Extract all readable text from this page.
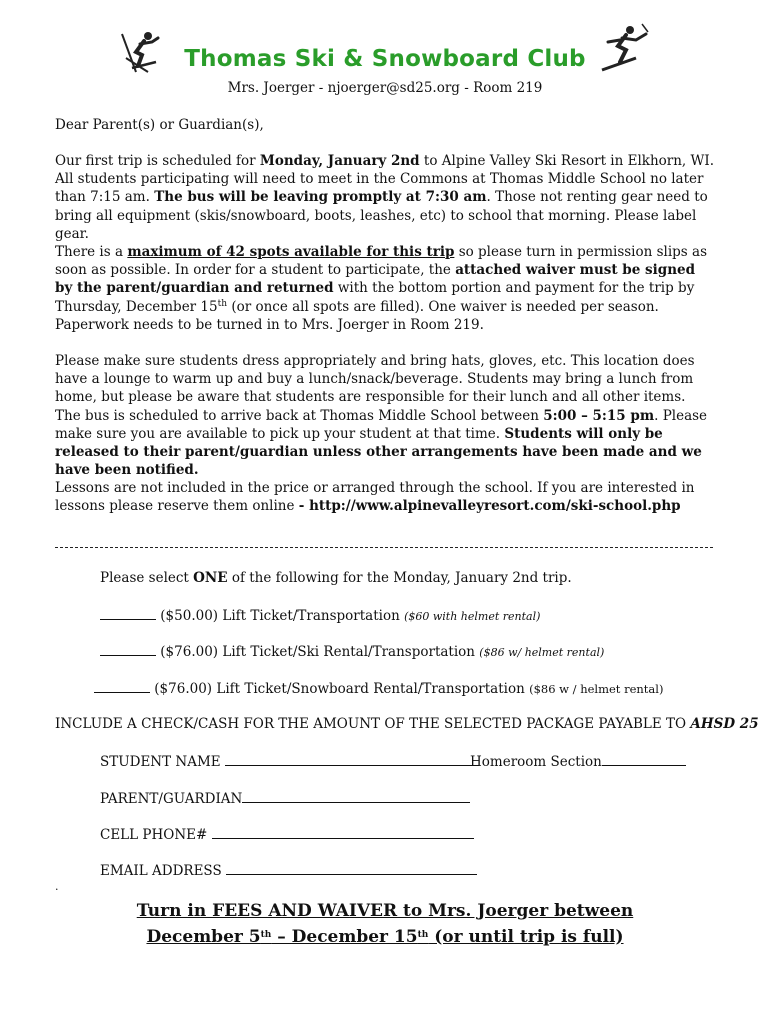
Thomas Ski & Snowboard Club
Mrs. Joerger - njoerger@sd25.org - Room 219

Dear Parent(s) or Guardian(s),

Our first trip is scheduled for Monday, January 2nd to Alpine Valley Ski Resort in Elkhorn, WI. All students participating will need to meet in the Commons at Thomas Middle School no later than 7:15 am. The bus will be leaving promptly at 7:30 am. Those not renting gear need to bring all equipment (skis/snowboard, boots, leashes, etc) to school that morning. Please label gear.

There is a maximum of 42 spots available for this trip so please turn in permission slips as soon as possible. In order for a student to participate, the attached waiver must be signed by the parent/guardian and returned with the bottom portion and payment for the trip by Thursday, December 15th (or once all spots are filled). One waiver is needed per season. Paperwork needs to be turned in to Mrs. Joerger in Room 219.

Please make sure students dress appropriately and bring hats, gloves, etc. This location does have a lounge to warm up and buy a lunch/snack/beverage. Students may bring a lunch from home, but please be aware that students are responsible for their lunch and all other items. The bus is scheduled to arrive back at Thomas Middle School between 5:00 – 5:15 pm. Please make sure you are available to pick up your student at that time. Students will only be released to their parent/guardian unless other arrangements have been made and we have been notified.

Lessons are not included in the price or arranged through the school. If you are interested in lessons please reserve them online - http://www.alpinevalleyresort.com/ski-school.php

Please select ONE of the following for the Monday, January 2nd trip.
($50.00) Lift Ticket/Transportation ($60 with helmet rental)
($76.00) Lift Ticket/Ski Rental/Transportation ($86 w/ helmet rental)
($76.00) Lift Ticket/Snowboard Rental/Transportation ($86 w / helmet rental)
INCLUDE A CHECK/CASH FOR THE AMOUNT OF THE SELECTED PACKAGE PAYABLE TO AHSD 25
STUDENT NAME	Homeroom Section
PARENT/GUARDIAN
CELL PHONE#
EMAIL ADDRESS
.
Turn in FEES AND WAIVER to Mrs. Joerger between
December 5th – December 15th (or until trip is full)
